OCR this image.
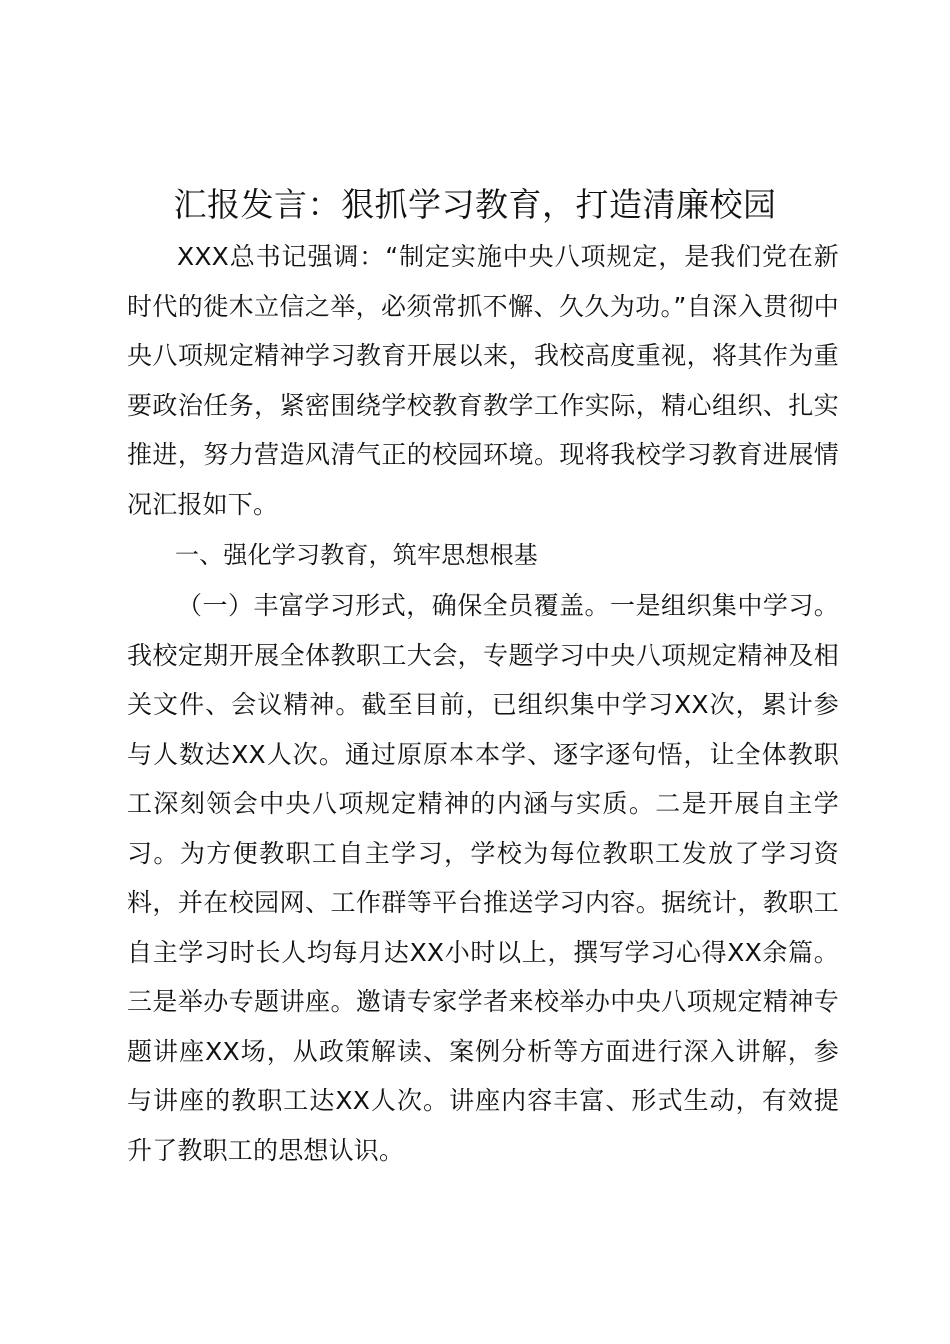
汇报发言：狠抓学习教育，打造清廉校园

XXX总书记强调：“制定实施中央八项规定，是我们党在新时代的徙木立信之举，必须常抓不懈、久久为功。”自深入贯彻中央八项规定精神学习教育开展以来，我校高度重视，将其作为重要政治任务，紧密围绕学校教育教学工作实际，精心组织、扎实推进，努力营造风清气正的校园环境。现将我校学习教育进展情况汇报如下。

一、强化学习教育，筑牢思想根基

（一）丰富学习形式，确保全员覆盖。一是组织集中学习。我校定期开展全体教职工大会，专题学习中央八项规定精神及相关文件、会议精神。截至目前，已组织集中学习XX次，累计参与人数达XX人次。通过原原本本学、逐字逐句悟，让全体教职工深刻领会中央八项规定精神的内涵与实质。二是开展自主学习。为方便教职工自主学习，学校为每位教职工发放了学习资料，并在校园网、工作群等平台推送学习内容。据统计，教职工自主学习时长人均每月达XX小时以上，撰写学习心得XX余篇。三是举办专题讲座。邀请专家学者来校举办中央八项规定精神专题讲座XX场，从政策解读、案例分析等方面进行深入讲解，参与讲座的教职工达XX人次。讲座内容丰富、形式生动，有效提升了教职工的思想认识。
